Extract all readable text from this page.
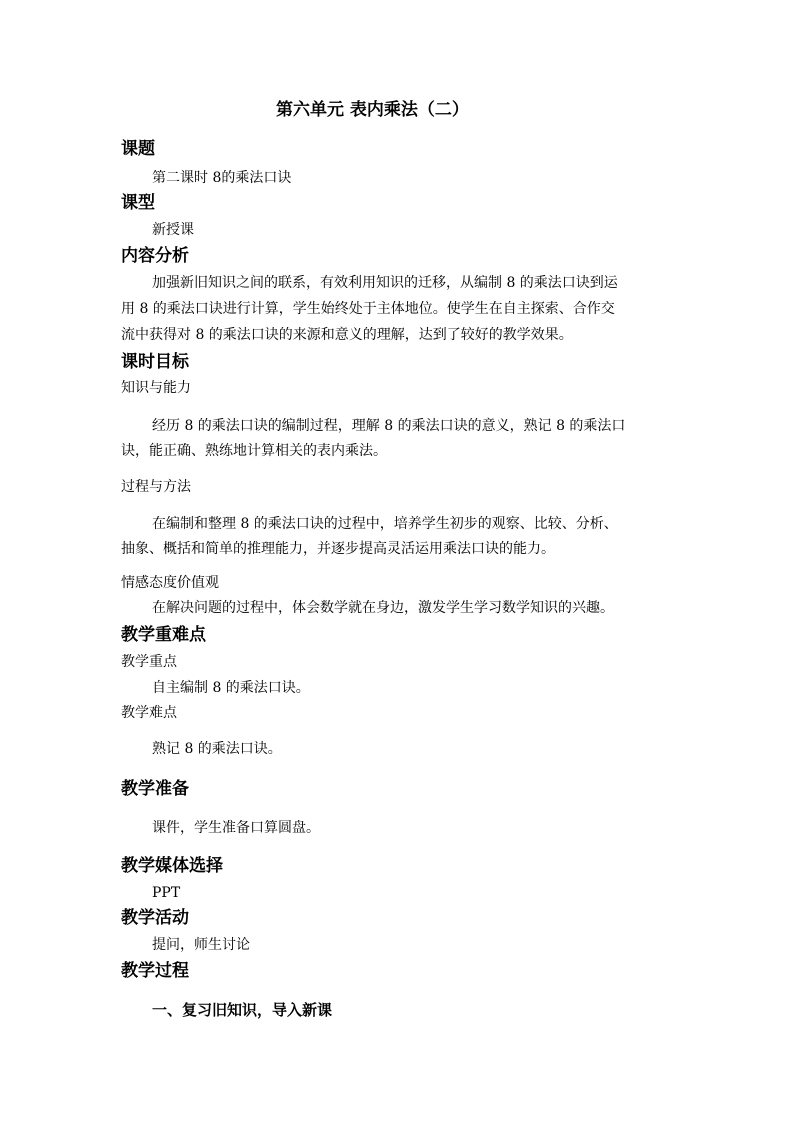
第六单元 表内乘法（二）
课题
第二课时 8的乘法口诀
课型
新授课
内容分析
加强新旧知识之间的联系，有效利用知识的迁移，从编制 8 的乘法口诀到运
用 8 的乘法口诀进行计算，学生始终处于主体地位。使学生在自主探索、合作交
流中获得对 8 的乘法口诀的来源和意义的理解，达到了较好的教学效果。
课时目标
知识与能力
经历 8 的乘法口诀的编制过程，理解 8 的乘法口诀的意义，熟记 8 的乘法口
诀，能正确、熟练地计算相关的表内乘法。
过程与方法
在编制和整理 8 的乘法口诀的过程中，培养学生初步的观察、比较、分析、
抽象、概括和简单的推理能力，并逐步提高灵活运用乘法口诀的能力。
情感态度价值观
在解决问题的过程中，体会数学就在身边，激发学生学习数学知识的兴趣。
教学重难点
教学重点
自主编制 8 的乘法口诀。
教学难点
熟记 8 的乘法口诀。
教学准备
课件，学生准备口算圆盘。
教学媒体选择
PPT
教学活动
提问，师生讨论
教学过程
一、复习旧知识，导入新课
